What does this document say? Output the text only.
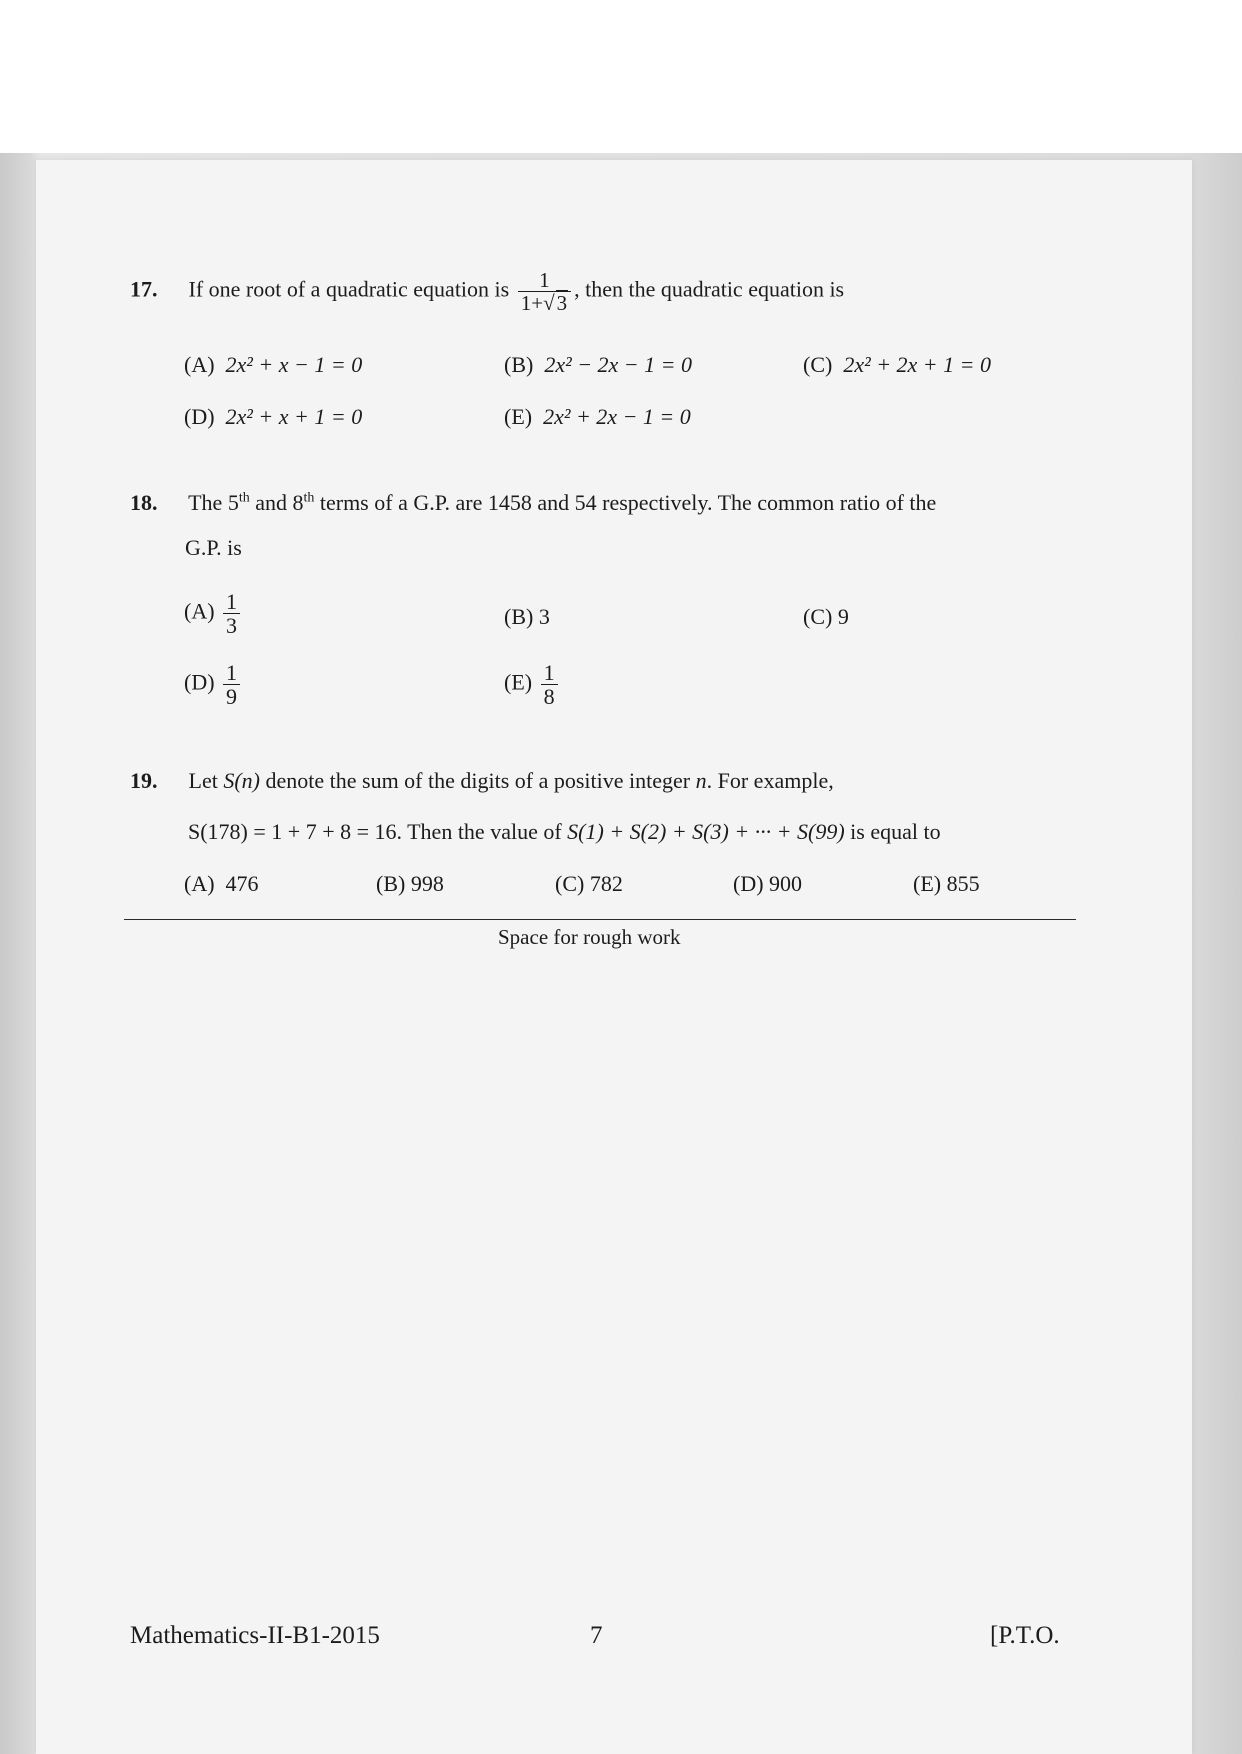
17. If one root of a quadratic equation is $\frac{1}{1+√3}$ , then the quadratic equation is
(A) 2x² + x − 1 = 0	(B) 2x² − 2x − 1 = 0	(C) 2x² + 2x + 1 = 0
(D) 2x² + x + 1 = 0	(E) 2x² + 2x − 1 = 0
18. The 5th and 8th terms of a G.P. are 1458 and 54 respectively. The common ratio of the
G.P. is
$(A) \frac{1}{3}$	(B) 3	(C) 9
$(D) \frac{1}{9}$	$(E) \frac{1}{8}$
19. Let S(n) denote the sum of the digits of a positive integer n. For example,
S(178) = 1 + 7 + 8 = 16. Then the value of S(1) + S(2) + S(3) + ··· + S(99) is equal to
(A) 476	(B) 998	(C) 782	(D) 900	(E) 855
Space for rough work
Mathematics-II-B1-2015	7	[P.T.O.
